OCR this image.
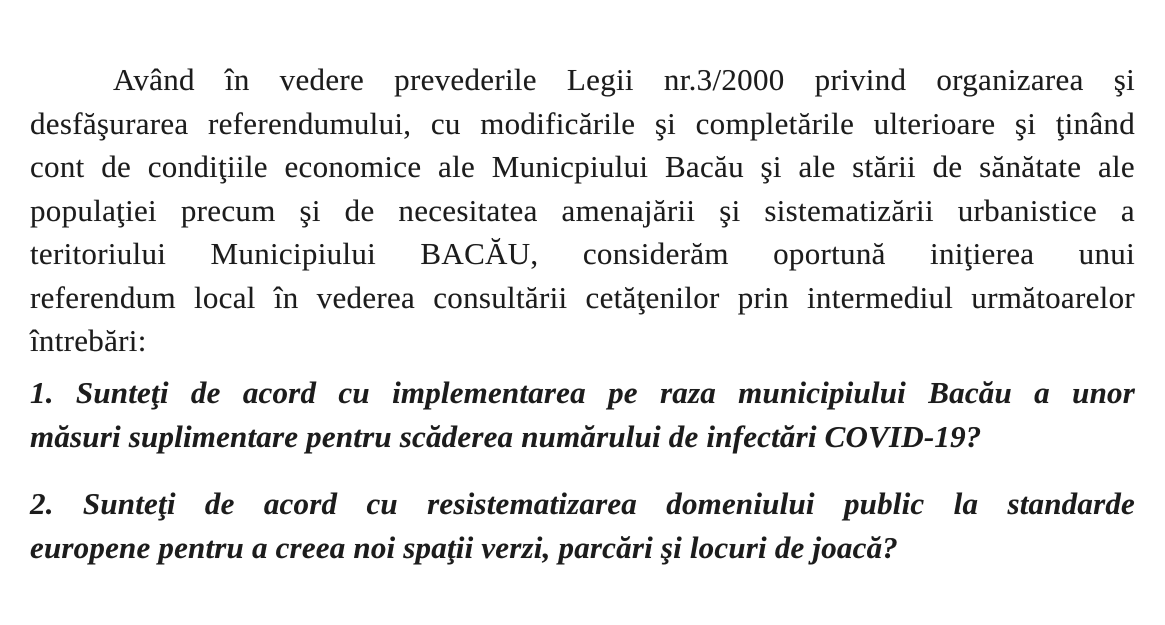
Având în vedere prevederile Legii nr.3/2000 privind organizarea şi
desfăşurarea referendumului, cu modificările şi completările ulterioare şi ţinând
cont de condiţiile economice ale Municpiului Bacău şi ale stării de sănătate ale
populaţiei precum şi de necesitatea amenajării şi sistematizării urbanistice a
teritoriului Municipiului BACĂU, considerăm oportună iniţierea unui
referendum local în vederea consultării cetăţenilor prin intermediul următoarelor
întrebări:

1. Sunteţi de acord cu implementarea pe raza municipiului Bacău a unor
măsuri suplimentare pentru scăderea numărului de infectări COVID-19?

2. Sunteţi de acord cu resistematizarea domeniului public la standarde
europene pentru a creea noi spaţii verzi, parcări şi locuri de joacă?
